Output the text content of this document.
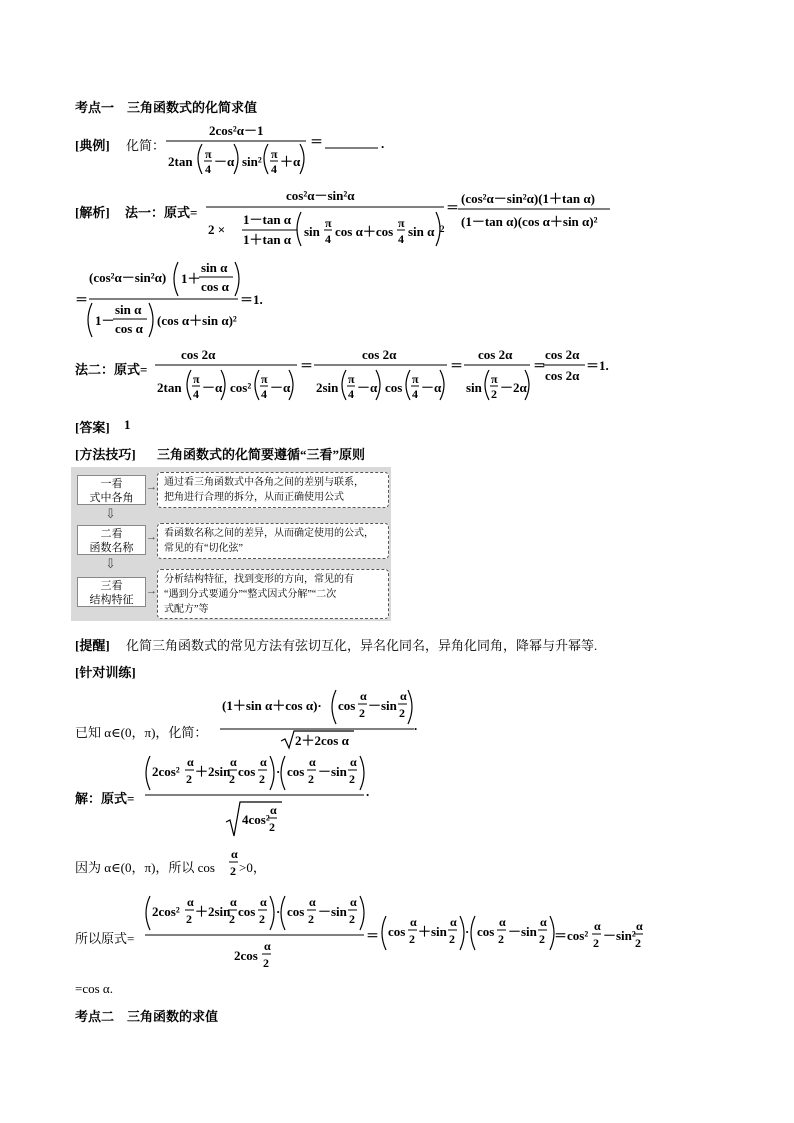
考点一　三角函数式的化简求值
[典例] 化简：
2cos²α－1
2tan π
4 －α sin² π
4 ＋α
＝	.
cos²α－sin²α
2 ×
1－tan α
1＋tan α
sin
π
4 cos α＋cos
π
4 sin α 2
＝
(cos²α－sin²α)(1＋tan α)
(1－tan α)(cos α＋sin α)²
＝
(cos²α－sin²α) 1＋
sin α
cos α
1－
sin α
cos α
(cos α＋sin α)²
＝1.
cos 2α
2tan
π
4 －α cos²
π
4 －α
＝
cos 2α
2sin
π
4 －α cos
π
4 －α
＝
cos 2α
sin
π
2 －2α
＝
cos 2α
cos 2α
＝1.
(1＋sin α＋cos α)· cos
α
2 －sin
α
2
2＋2cos α
.
2cos²
α
2 ＋2sin
α
2 cos
α
2 · cos
α
2 －sin
α
2
4cos²
α
2
.
α
2
2cos²
α
2 ＋2sin
α
2 cos
α
2 · cos
α
2 －sin
α
2
2cos
α
2
＝ cos
α
2 ＋sin
α
2 · cos
α
2 －sin
α
2 ＝cos²
α
2 －sin²
α
2
[解析] 法一：原式=
法二：原式=
[答案] 1
[方法技巧] 三角函数式的化简要遵循“三看”原则
一看
式中各角
⇩
二看
函数名称
⇩
三看
结构特征
→
→
→
通过看三角函数式中各角之间的差别与联系，
把角进行合理的拆分，从而正确使用公式
看函数名称之间的差异，从而确定使用的公式，
常见的有“切化弦”
分析结构特征，找到变形的方向，常见的有
“遇到分式要通分”“整式因式分解”“二次
式配方”等
[提醒] 化简三角函数式的常见方法有弦切互化，异名化同名，异角化同角，降幂与升幂等.
[针对训练]
已知 α∈(0，π)，化简：
解：原式=
因为 α∈(0，π)，所以 cos >0，
所以原式=
=cos α.
考点二　三角函数的求值
